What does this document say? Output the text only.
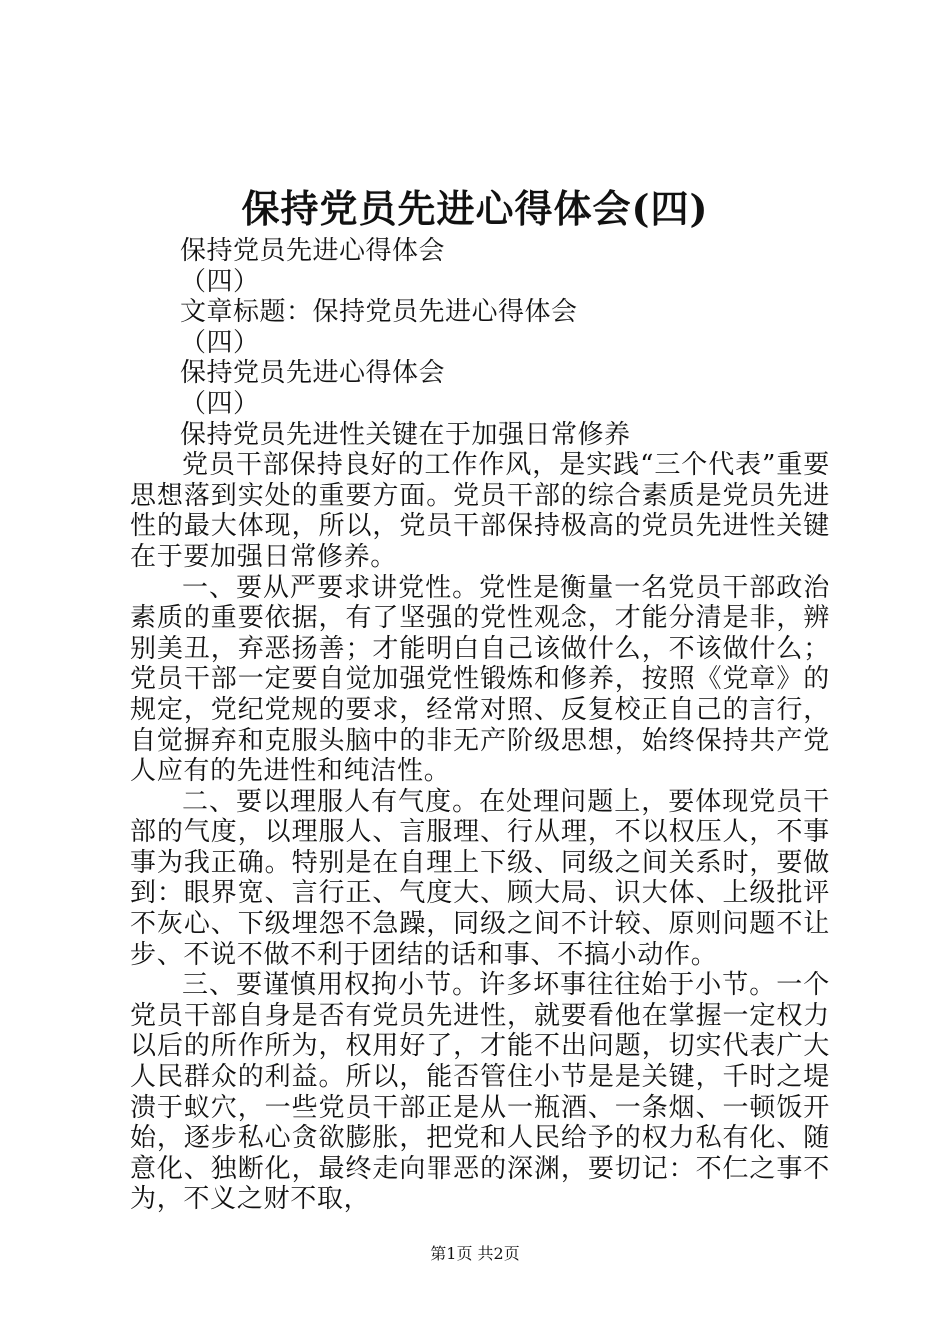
保持党员先进心得体会(四)
保持党员先进心得体会
（四）
文章标题：保持党员先进心得体会
（四）
保持党员先进心得体会
（四）
保持党员先进性关键在于加强日常修养

党员干部保持良好的工作作风，是实践“三个代表”重要思想落到实处的重要方面。党员干部的综合素质是党员先进性的最大体现，所以，党员干部保持极高的党员先进性关键在于要加强日常修养。

一、要从严要求讲党性。党性是衡量一名党员干部政治素质的重要依据，有了坚强的党性观念，才能分清是非，辨别美丑，弃恶扬善；才能明白自己该做什么，不该做什么；党员干部一定要自觉加强党性锻炼和修养，按照《党章》的规定，党纪党规的要求，经常对照、反复校正自己的言行，自觉摒弃和克服头脑中的非无产阶级思想，始终保持共产党人应有的先进性和纯洁性。

二、要以理服人有气度。在处理问题上，要体现党员干部的气度，以理服人、言服理、行从理，不以权压人，不事事为我正确。特别是在自理上下级、同级之间关系时，要做到：眼界宽、言行正、气度大、顾大局、识大体、上级批评不灰心、下级埋怨不急躁，同级之间不计较、原则问题不让步、不说不做不利于团结的话和事、不搞小动作。

三、要谨慎用权拘小节。许多坏事往往始于小节。一个党员干部自身是否有党员先进性，就要看他在掌握一定权力以后的所作所为，权用好了，才能不出问题，切实代表广大人民群众的利益。所以，能否管住小节是是关键，千时之堤溃于蚁穴，一些党员干部正是从一瓶酒、一条烟、一顿饭开始，逐步私心贪欲膨胀，把党和人民给予的权力私有化、随意化、独断化，最终走向罪恶的深渊，要切记：不仁之事不为，不义之财不取，

第1页 共2页
